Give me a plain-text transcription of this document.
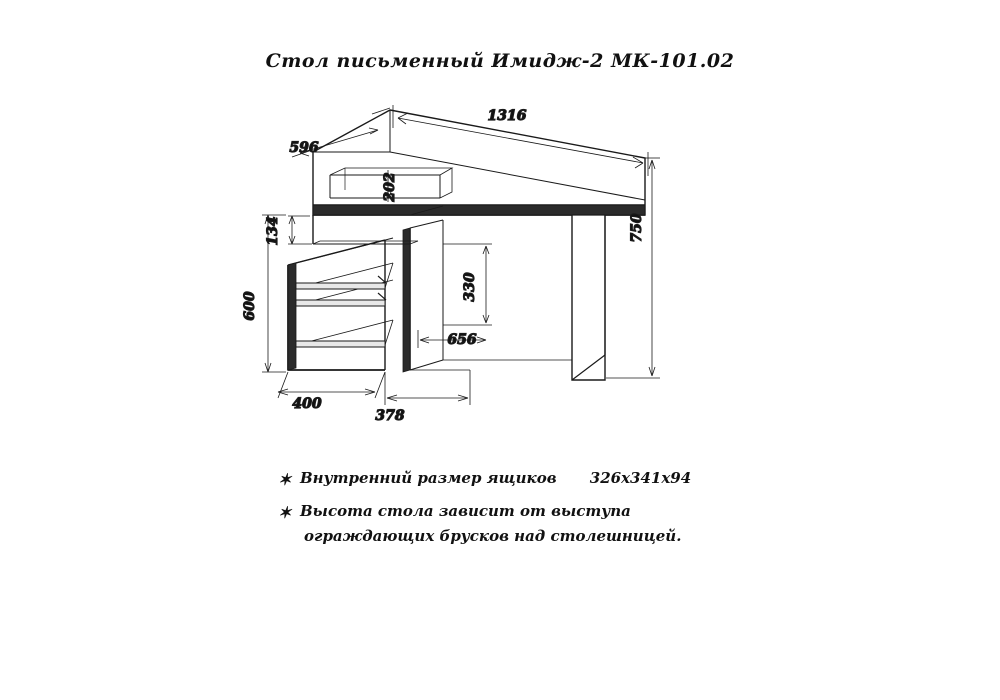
Стол письменный Имидж-2 МК-101.02
1316
596
202
134
600
750
330
656
400
378
✶ Внутренний размер ящиков 326x341x94
✶ Высота стола зависит от выступа
ограждающих брусков над столешницей.
